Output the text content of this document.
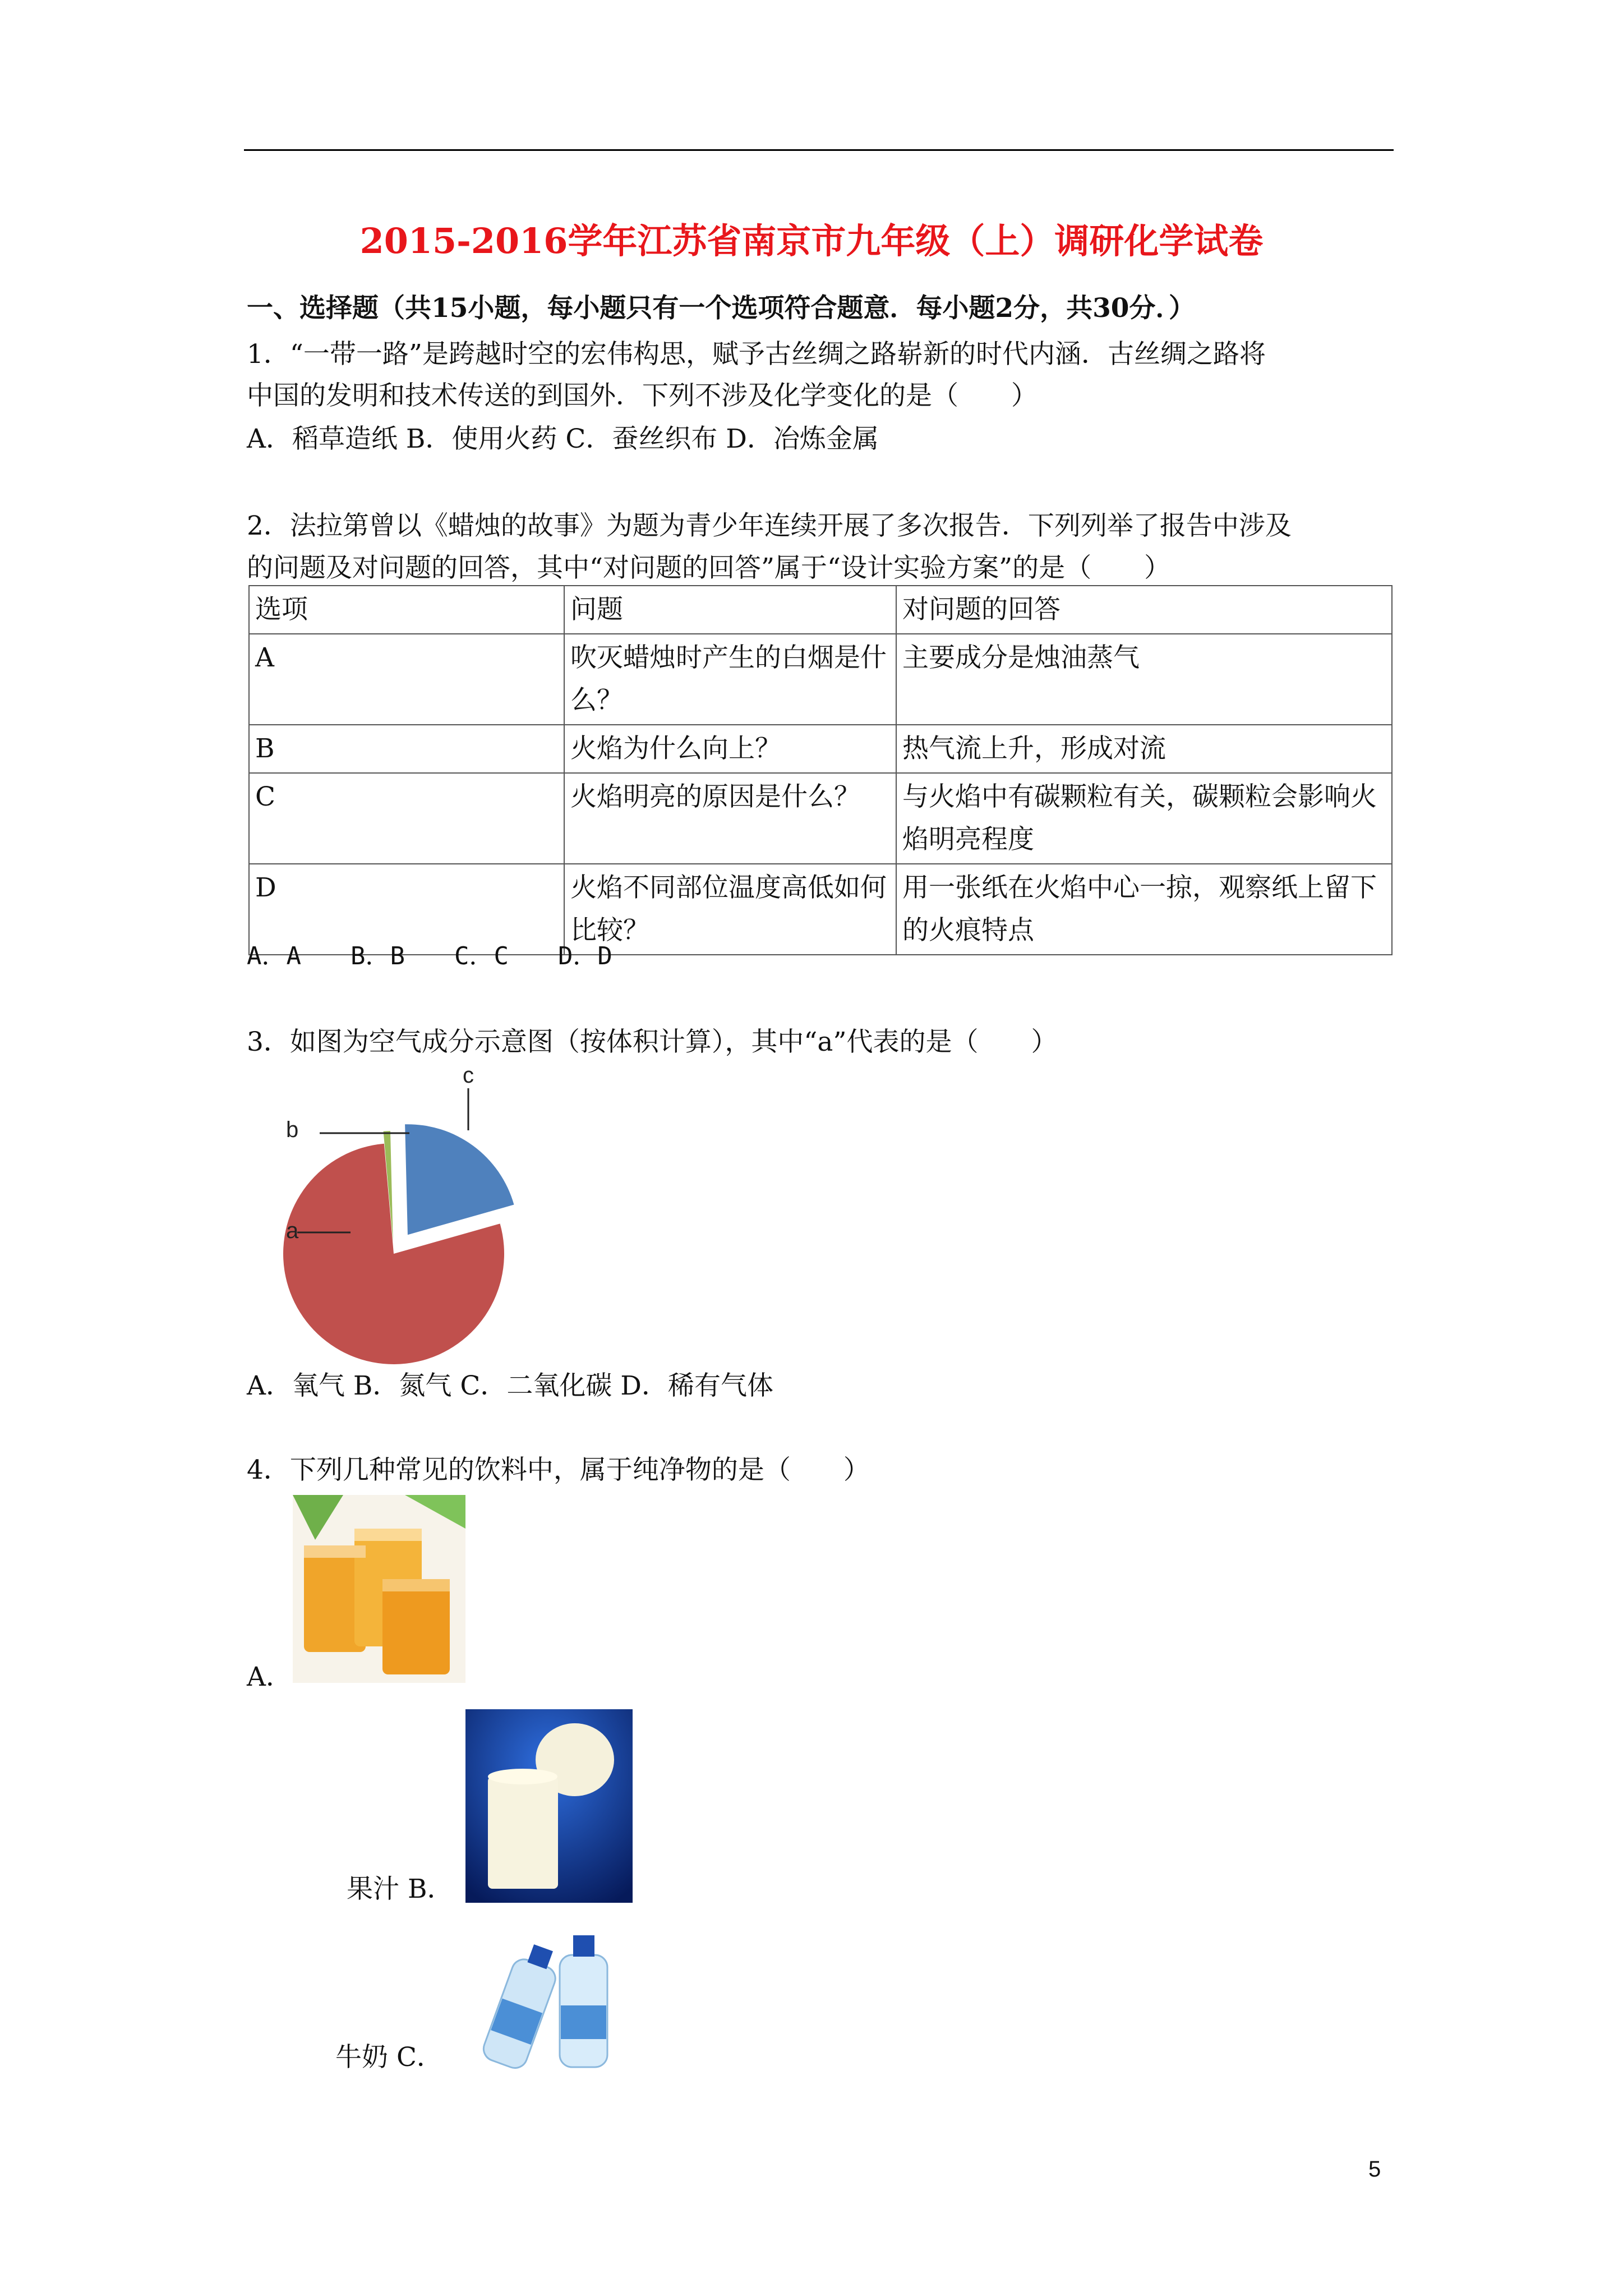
2015-2016学年江苏省南京市九年级（上）调研化学试卷
一、选择题（共15小题，每小题只有一个选项符合题意．每小题2分，共30分．）
1．“一带一路”是跨越时空的宏伟构思，赋予古丝绸之路崭新的时代内涵．古丝绸之路将
中国的发明和技术传送的到国外．下列不涉及化学变化的是（　　）
A．稻草造纸 B．使用火药 C．蚕丝织布 D．冶炼金属
2．法拉第曾以《蜡烛的故事》为题为青少年连续开展了多次报告．下列列举了报告中涉及
的问题及对问题的回答，其中“对问题的回答”属于“设计实验方案”的是（　　）
选项	问题	对问题的回答
A	吹灭蜡烛时产生的白烟是什么？	主要成分是烛油蒸气
B	火焰为什么向上？	热气流上升，形成对流
C	火焰明亮的原因是什么？	与火焰中有碳颗粒有关，碳颗粒会影响火焰明亮程度
D	火焰不同部位温度高低如何比较？	用一张纸在火焰中心一掠，观察纸上留下的火痕特点
A．A　　B．B　　C．C　　D．D
3．如图为空气成分示意图（按体积计算），其中“a”代表的是（　　）
a
b
c
A．氧气 B．氮气 C．二氧化碳 D．稀有气体
4．下列几种常见的饮料中，属于纯净物的是（　　）
A．
果汁 B．
牛奶 C．
5
